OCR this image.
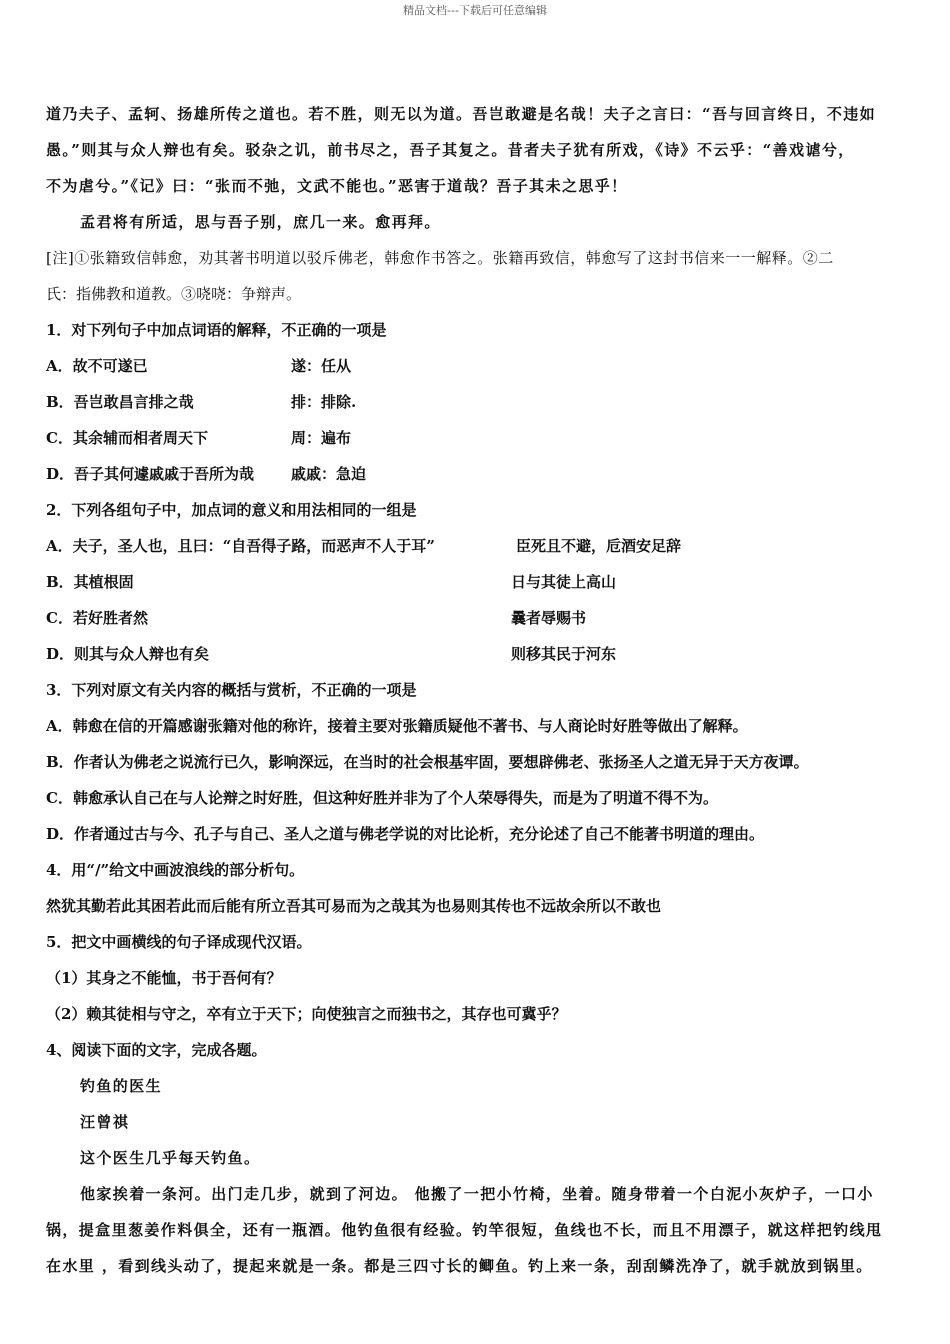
精品文档---下载后可任意编辑

道乃夫子、孟轲、扬雄所传之道也。若不胜，则无以为道。吾岂敢避是名哉！夫子之言曰：“吾与回言终日，不违如

愚。”则其与众人辩也有矣。驳杂之讥，前书尽之，吾子其复之。昔者夫子犹有所戏，《诗》不云乎：“善戏谑兮，

不为虐兮。”《记》曰：“张而不弛，文武不能也。”恶害于道哉？吾子其未之思乎！

孟君将有所适，思与吾子别，庶几一来。愈再拜。

[注]①张籍致信韩愈，劝其著书明道以驳斥佛老，韩愈作书答之。张籍再致信，韩愈写了这封书信来一一解释。②二

氏：指佛教和道教。③哓哓：争辩声。

1．对下列句子中加点词语的解释，不正确的一项是

A．故不可遂已	遂：任从
B．吾岂敢昌言排之哉	排：排除.
C．其余辅而相者周天下	周：遍布
D．吾子其何遽戚戚于吾所为哉	戚戚：急迫

2．下列各组句子中，加点词的意义和用法相同的一组是

A．夫子，圣人也，且曰：“自吾得子路，而恶声不人于耳”	臣死且不避，卮酒安足辞
B．其植根固	日与其徒上高山
C．若好胜者然	曩者辱赐书
D．则其与众人辩也有矣	则移其民于河东

3．下列对原文有关内容的概括与赏析，不正确的一项是

A．韩愈在信的开篇感谢张籍对他的称许，接着主要对张籍质疑他不著书、与人商论时好胜等做出了解释。

B．作者认为佛老之说流行已久，影响深远，在当时的社会根基牢固，要想辟佛老、张扬圣人之道无异于天方夜谭。

C．韩愈承认自己在与人论辩之时好胜，但这种好胜并非为了个人荣辱得失，而是为了明道不得不为。

D．作者通过古与今、孔子与自己、圣人之道与佛老学说的对比论析，充分论述了自己不能著书明道的理由。

4．用“/”给文中画波浪线的部分析句。

然犹其勤若此其困若此而后能有所立吾其可易而为之哉其为也易则其传也不远故余所以不敢也

5．把文中画横线的句子译成现代汉语。

（1）其身之不能恤，书于吾何有？

（2）赖其徒相与守之，卒有立于天下；向使独言之而独书之，其存也可冀乎？

4、阅读下面的文字，完成各题。

钓鱼的医生

汪曾祺

这个医生几乎每天钓鱼。

他家挨着一条河。出门走几步，就到了河边。 他搬了一把小竹椅，坐着。随身带着一个白泥小灰炉子，一口小

锅，提盒里葱姜作料俱全，还有一瓶酒。他钓鱼很有经验。钓竿很短，鱼线也不长，而且不用漂子，就这样把钓线甩

在水里 ，看到线头动了，提起来就是一条。都是三四寸长的鲫鱼。钓上来一条，刮刮鳞洗净了，就手就放到锅里。
